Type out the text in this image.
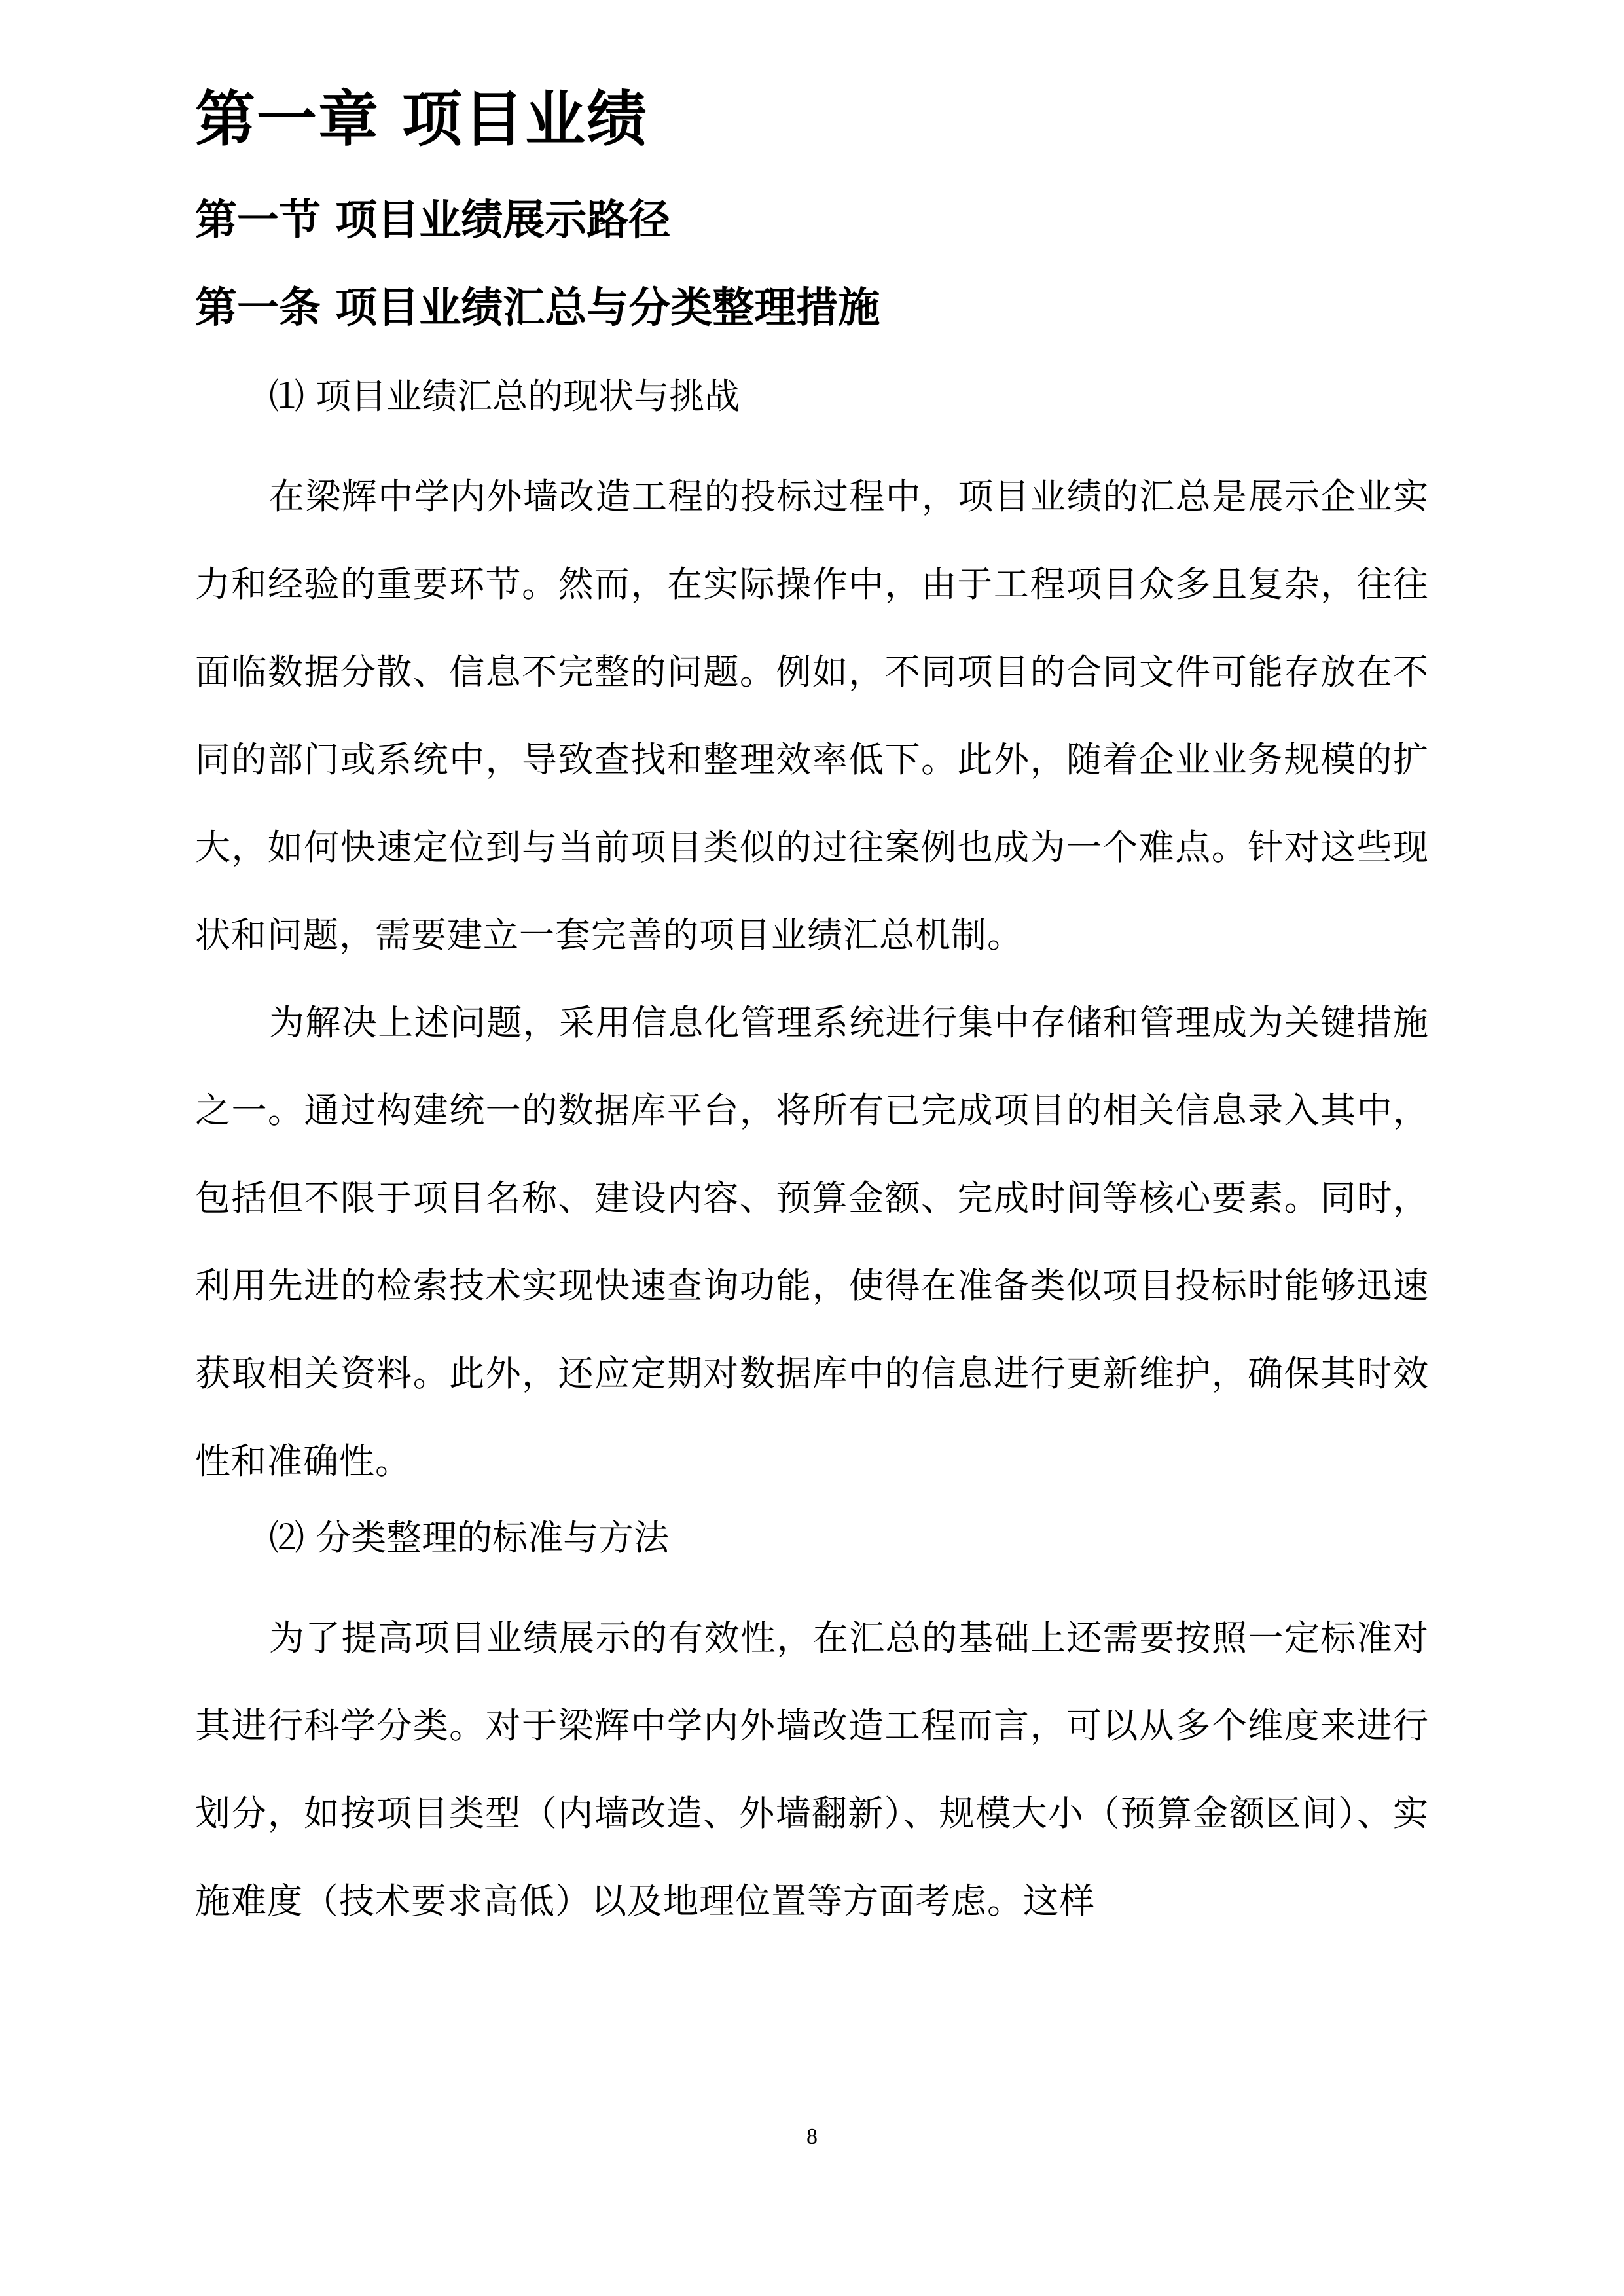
第一章 项目业绩
第一节 项目业绩展示路径
第一条 项目业绩汇总与分类整理措施
⑴ 项目业绩汇总的现状与挑战

在梁辉中学内外墙改造工程的投标过程中，项目业绩的汇总是展示企业实力和经验的重要环节。然而，在实际操作中，由于工程项目众多且复杂，往往面临数据分散、信息不完整的问题。例如，不同项目的合同文件可能存放在不同的部门或系统中，导致查找和整理效率低下。此外，随着企业业务规模的扩大，如何快速定位到与当前项目类似的过往案例也成为一个难点。针对这些现状和问题，需要建立一套完善的项目业绩汇总机制。

为解决上述问题，采用信息化管理系统进行集中存储和管理成为关键措施之一。通过构建统一的数据库平台，将所有已完成项目的相关信息录入其中，包括但不限于项目名称、建设内容、预算金额、完成时间等核心要素。同时，利用先进的检索技术实现快速查询功能，使得在准备类似项目投标时能够迅速获取相关资料。此外，还应定期对数据库中的信息进行更新维护，确保其时效性和准确性。

⑵ 分类整理的标准与方法

为了提高项目业绩展示的有效性，在汇总的基础上还需要按照一定标准对其进行科学分类。对于梁辉中学内外墙改造工程而言，可以从多个维度来进行划分，如按项目类型（内墙改造、外墙翻新）、规模大小（预算金额区间）、实施难度（技术要求高低）以及地理位置等方面考虑。这样

8
